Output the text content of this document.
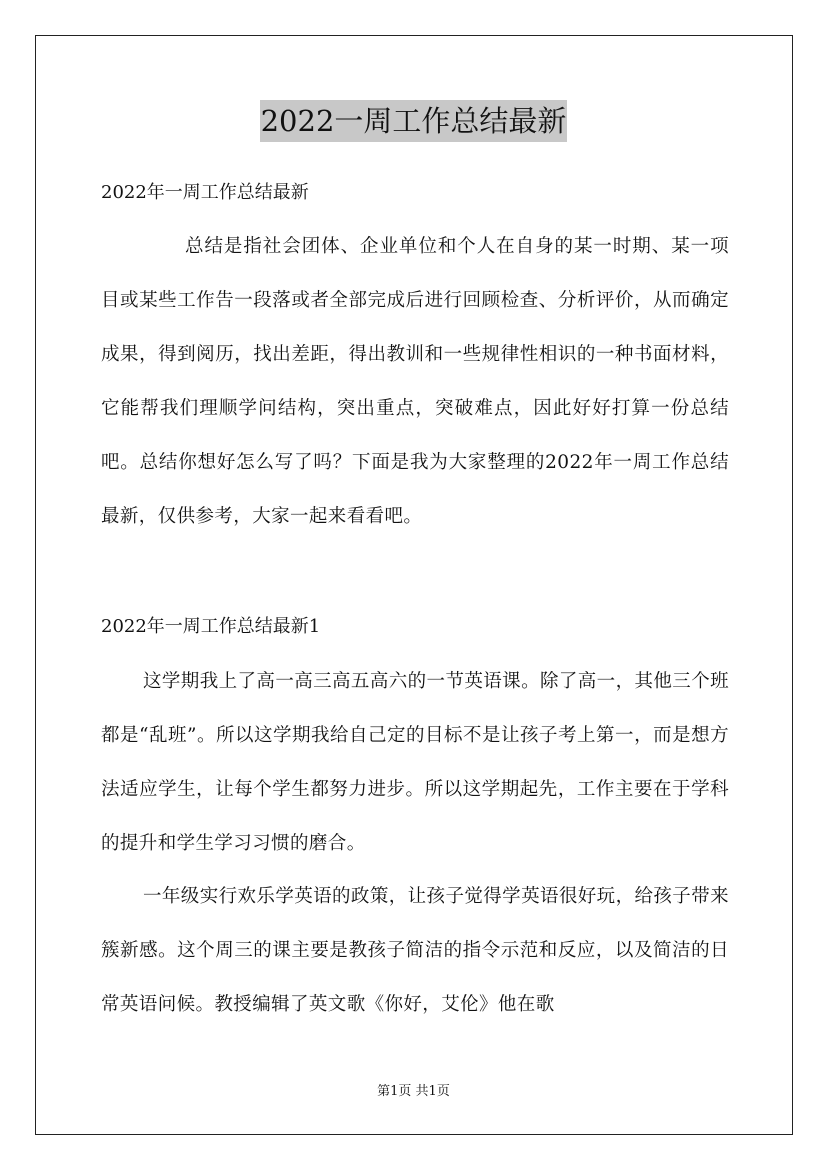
2022一周工作总结最新

2022年一周工作总结最新

总结是指社会团体、企业单位和个人在自身的某一时期、某一项目或某些工作告一段落或者全部完成后进行回顾检查、分析评价，从而确定成果，得到阅历，找出差距，得出教训和一些规律性相识的一种书面材料，它能帮我们理顺学问结构，突出重点，突破难点，因此好好打算一份总结吧。总结你想好怎么写了吗？下面是我为大家整理的2022年一周工作总结最新，仅供参考，大家一起来看看吧。

2022年一周工作总结最新1

这学期我上了高一高三高五高六的一节英语课。除了高一，其他三个班都是“乱班”。所以这学期我给自己定的目标不是让孩子考上第一，而是想方法适应学生，让每个学生都努力进步。所以这学期起先，工作主要在于学科的提升和学生学习习惯的磨合。

一年级实行欢乐学英语的政策，让孩子觉得学英语很好玩，给孩子带来簇新感。这个周三的课主要是教孩子简洁的指令示范和反应，以及简洁的日常英语问候。教授编辑了英文歌《你好，艾伦》他在歌

第1页 共1页
